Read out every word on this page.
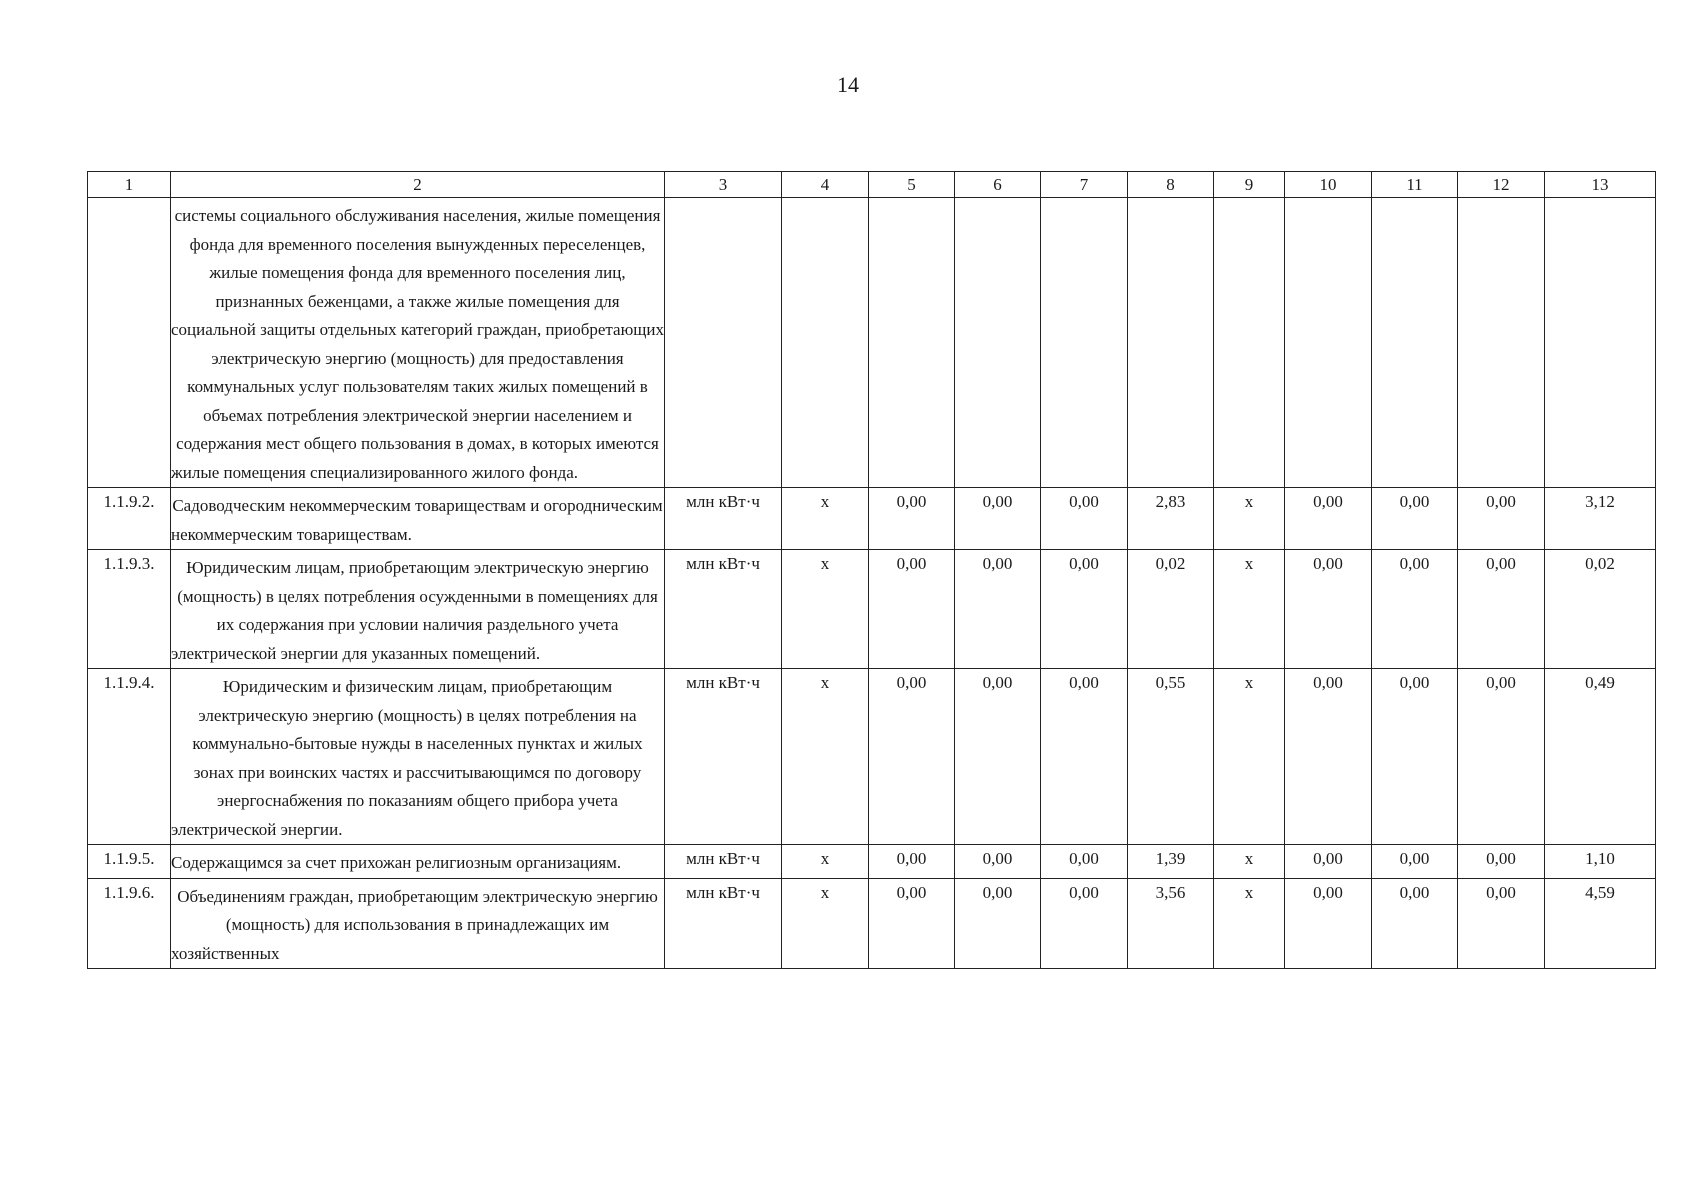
14
1	2	3	4	5	6	7	8	9	10	11	12	13
	системы социального обслуживания населения, жилые помещения фонда для временного поселения вынужденных переселенцев, жилые помещения фонда для временного поселения лиц, признанных беженцами, а также жилые помещения для социальной защиты отдельных категорий граждан, приобретающих электрическую энергию (мощность) для предоставления коммунальных услуг пользователям таких жилых помещений в объемах потребления электрической энергии населением и содержания мест общего пользования в домах, в которых имеются жилые помещения специализированного жилого фонда.											
1.1.9.2.	Садоводческим некоммерческим товариществам и огородническим некоммерческим товариществам.	млн кВт·ч	х	0,00	0,00	0,00	2,83	х	0,00	0,00	0,00	3,12
1.1.9.3.	Юридическим лицам, приобретающим электрическую энергию (мощность) в целях потребления осужденными в помещениях для их содержания при условии наличия раздельного учета электрической энергии для указанных помещений.	млн кВт·ч	х	0,00	0,00	0,00	0,02	х	0,00	0,00	0,00	0,02
1.1.9.4.	Юридическим и физическим лицам, приобретающим электрическую энергию (мощность) в целях потребления на коммунально-бытовые нужды в населенных пунктах и жилых зонах при воинских частях и рассчитывающимся по договору энергоснабжения по показаниям общего прибора учета электрической энергии.	млн кВт·ч	х	0,00	0,00	0,00	0,55	х	0,00	0,00	0,00	0,49
1.1.9.5.	Содержащимся за счет прихожан религиозным организациям.	млн кВт·ч	х	0,00	0,00	0,00	1,39	х	0,00	0,00	0,00	1,10
1.1.9.6.	Объединениям граждан, приобретающим электрическую энергию (мощность) для использования в принадлежащих им хозяйственных	млн кВт·ч	х	0,00	0,00	0,00	3,56	х	0,00	0,00	0,00	4,59
